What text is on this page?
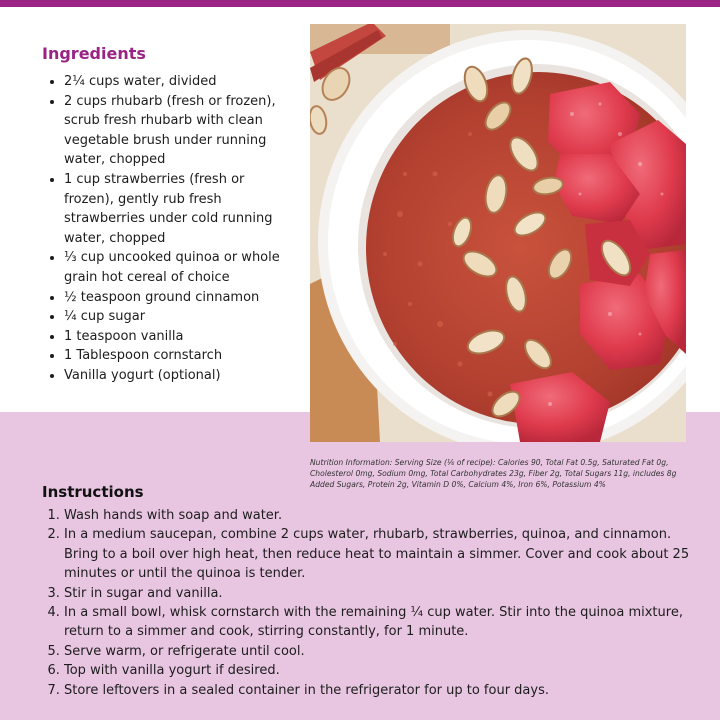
Ingredients
• 2¼ cups water, divided
• 2 cups rhubarb (fresh or frozen), scrub fresh rhubarb with clean vegetable brush under running water, chopped
• 1 cup strawberries (fresh or frozen), gently rub fresh strawberries under cold running water, chopped
• ⅓ cup uncooked quinoa or whole grain hot cereal of choice
• ½ teaspoon ground cinnamon
• ¼ cup sugar
• 1 teaspoon vanilla
• 1 Tablespoon cornstarch
• Vanilla yogurt (optional)

Nutrition Information: Serving Size (⅙ of recipe): Calories 90, Total Fat 0.5g, Saturated Fat 0g, Cholesterol 0mg, Sodium 0mg, Total Carbohydrates 23g, Fiber 2g, Total Sugars 11g, includes 8g Added Sugars, Protein 2g, Vitamin D 0%, Calcium 4%, Iron 6%, Potassium 4%

Instructions
1. Wash hands with soap and water.
2. In a medium saucepan, combine 2 cups water, rhubarb, strawberries, quinoa, and cinnamon. Bring to a boil over high heat, then reduce heat to maintain a simmer. Cover and cook about 25 minutes or until the quinoa is tender.
3. Stir in sugar and vanilla.
4. In a small bowl, whisk cornstarch with the remaining ¼ cup water. Stir into the quinoa mixture, return to a simmer and cook, stirring constantly, for 1 minute.
5. Serve warm, or refrigerate until cool.
6. Top with vanilla yogurt if desired.
7. Store leftovers in a sealed container in the refrigerator for up to four days.
